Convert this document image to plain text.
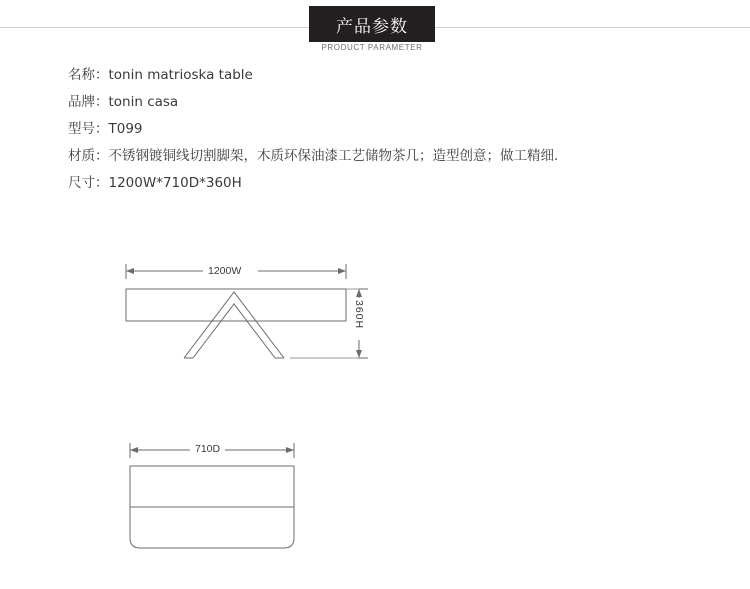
产品参数
PRODUCT PARAMETER
名称：tonin matrioska table
品牌：tonin casa
型号：T099
材质：不锈钢镀铜线切割脚架，木质环保油漆工艺储物茶几；造型创意；做工精细.
尺寸：1200W*710D*360H
1200W
360H
710D
